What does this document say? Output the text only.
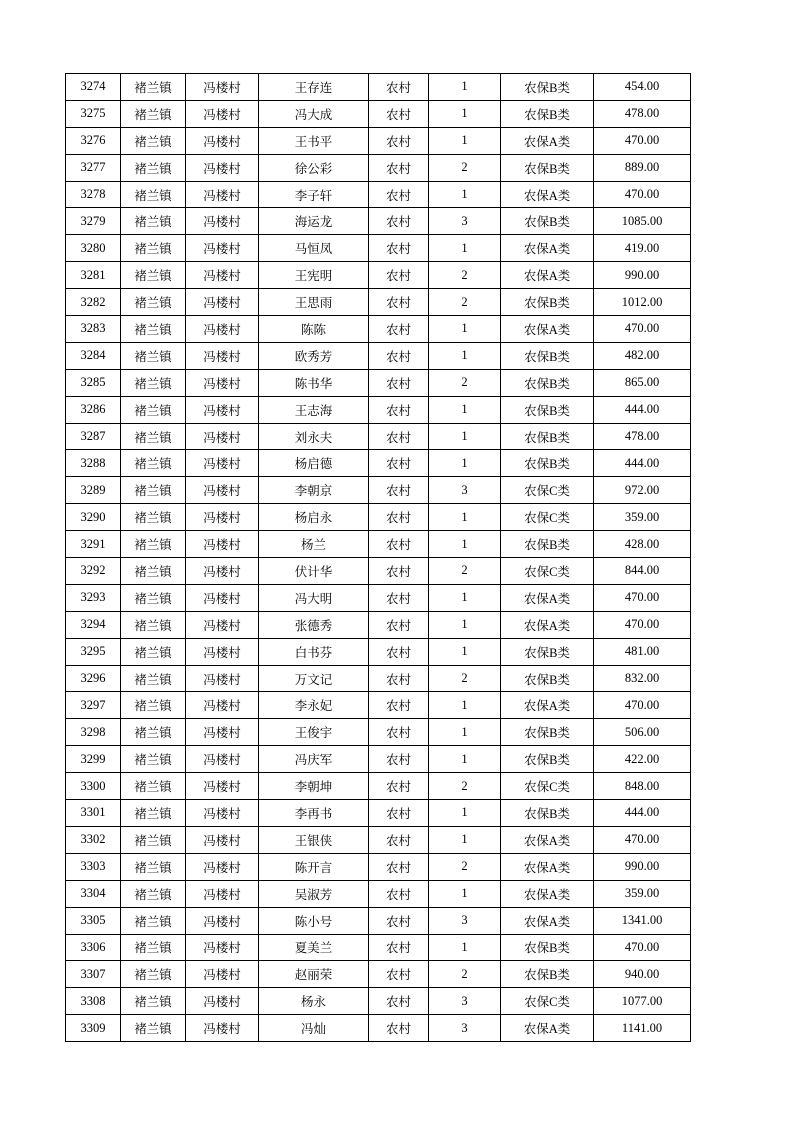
3274	褚兰镇	冯楼村	王存连	农村	1	农保B类	454.00
3275	褚兰镇	冯楼村	冯大成	农村	1	农保B类	478.00
3276	褚兰镇	冯楼村	王书平	农村	1	农保A类	470.00
3277	褚兰镇	冯楼村	徐公彩	农村	2	农保B类	889.00
3278	褚兰镇	冯楼村	李子轩	农村	1	农保A类	470.00
3279	褚兰镇	冯楼村	海运龙	农村	3	农保B类	1085.00
3280	褚兰镇	冯楼村	马恒凤	农村	1	农保A类	419.00
3281	褚兰镇	冯楼村	王宪明	农村	2	农保A类	990.00
3282	褚兰镇	冯楼村	王思雨	农村	2	农保B类	1012.00
3283	褚兰镇	冯楼村	陈陈	农村	1	农保A类	470.00
3284	褚兰镇	冯楼村	欧秀芳	农村	1	农保B类	482.00
3285	褚兰镇	冯楼村	陈书华	农村	2	农保B类	865.00
3286	褚兰镇	冯楼村	王志海	农村	1	农保B类	444.00
3287	褚兰镇	冯楼村	刘永夫	农村	1	农保B类	478.00
3288	褚兰镇	冯楼村	杨启德	农村	1	农保B类	444.00
3289	褚兰镇	冯楼村	李朝京	农村	3	农保C类	972.00
3290	褚兰镇	冯楼村	杨启永	农村	1	农保C类	359.00
3291	褚兰镇	冯楼村	杨兰	农村	1	农保B类	428.00
3292	褚兰镇	冯楼村	伏计华	农村	2	农保C类	844.00
3293	褚兰镇	冯楼村	冯大明	农村	1	农保A类	470.00
3294	褚兰镇	冯楼村	张德秀	农村	1	农保A类	470.00
3295	褚兰镇	冯楼村	白书芬	农村	1	农保B类	481.00
3296	褚兰镇	冯楼村	万文记	农村	2	农保B类	832.00
3297	褚兰镇	冯楼村	李永妃	农村	1	农保A类	470.00
3298	褚兰镇	冯楼村	王俊宇	农村	1	农保B类	506.00
3299	褚兰镇	冯楼村	冯庆军	农村	1	农保B类	422.00
3300	褚兰镇	冯楼村	李朝坤	农村	2	农保C类	848.00
3301	褚兰镇	冯楼村	李再书	农村	1	农保B类	444.00
3302	褚兰镇	冯楼村	王银侠	农村	1	农保A类	470.00
3303	褚兰镇	冯楼村	陈开言	农村	2	农保A类	990.00
3304	褚兰镇	冯楼村	吴淑芳	农村	1	农保A类	359.00
3305	褚兰镇	冯楼村	陈小号	农村	3	农保A类	1341.00
3306	褚兰镇	冯楼村	夏美兰	农村	1	农保B类	470.00
3307	褚兰镇	冯楼村	赵丽荣	农村	2	农保B类	940.00
3308	褚兰镇	冯楼村	杨永	农村	3	农保C类	1077.00
3309	褚兰镇	冯楼村	冯灿	农村	3	农保A类	1141.00
